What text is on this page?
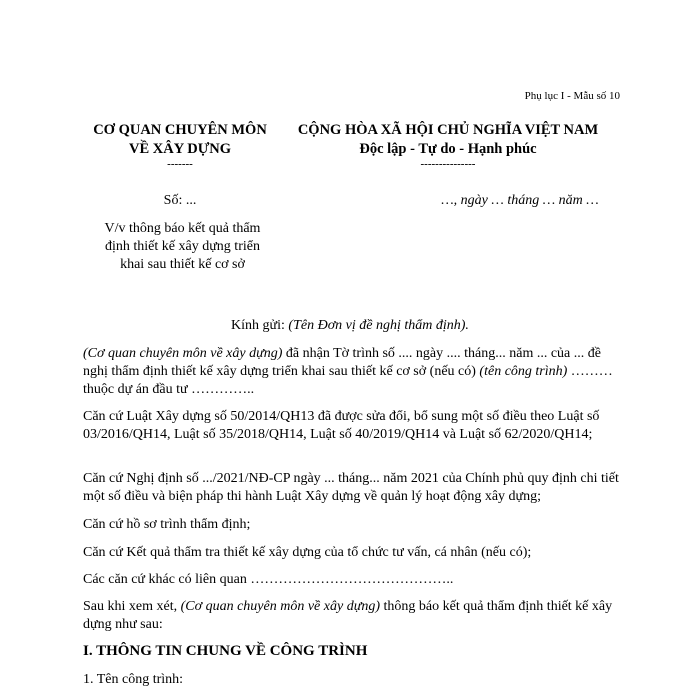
Phụ lục I - Mẫu số 10
CƠ QUAN CHUYÊN MÔN
VỀ XÂY DỰNG
-------
CỘNG HÒA XÃ HỘI CHỦ NGHĨA VIỆT NAM
Độc lập - Tự do - Hạnh phúc
---------------
Số: ...	…, ngày … tháng … năm …
V/v thông báo kết quả thẩm
định thiết kế xây dựng triển
khai sau thiết kế cơ sở
Kính gửi: (Tên Đơn vị đề nghị thẩm định).
(Cơ quan chuyên môn về xây dựng) đã nhận Tờ trình số .... ngày .... tháng... năm ... của ... đề nghị thẩm định thiết kế xây dựng triển khai sau thiết kế cơ sở (nếu có) (tên công trình) ……… thuộc dự án đầu tư …………..
Căn cứ Luật Xây dựng số 50/2014/QH13 đã được sửa đổi, bổ sung một số điều theo Luật số 03/2016/QH14, Luật số 35/2018/QH14, Luật số 40/2019/QH14 và Luật số 62/2020/QH14;
Căn cứ Nghị định số .../2021/NĐ-CP ngày ... tháng... năm 2021 của Chính phủ quy định chi tiết một số điều và biện pháp thi hành Luật Xây dựng về quản lý hoạt động xây dựng;
Căn cứ hồ sơ trình thẩm định;
Căn cứ Kết quả thẩm tra thiết kế xây dựng của tổ chức tư vấn, cá nhân (nếu có);
Các căn cứ khác có liên quan ……………………………………..
Sau khi xem xét, (Cơ quan chuyên môn về xây dựng) thông báo kết quả thẩm định thiết kế xây dựng như sau:
I. THÔNG TIN CHUNG VỀ CÔNG TRÌNH
1. Tên công trình:
